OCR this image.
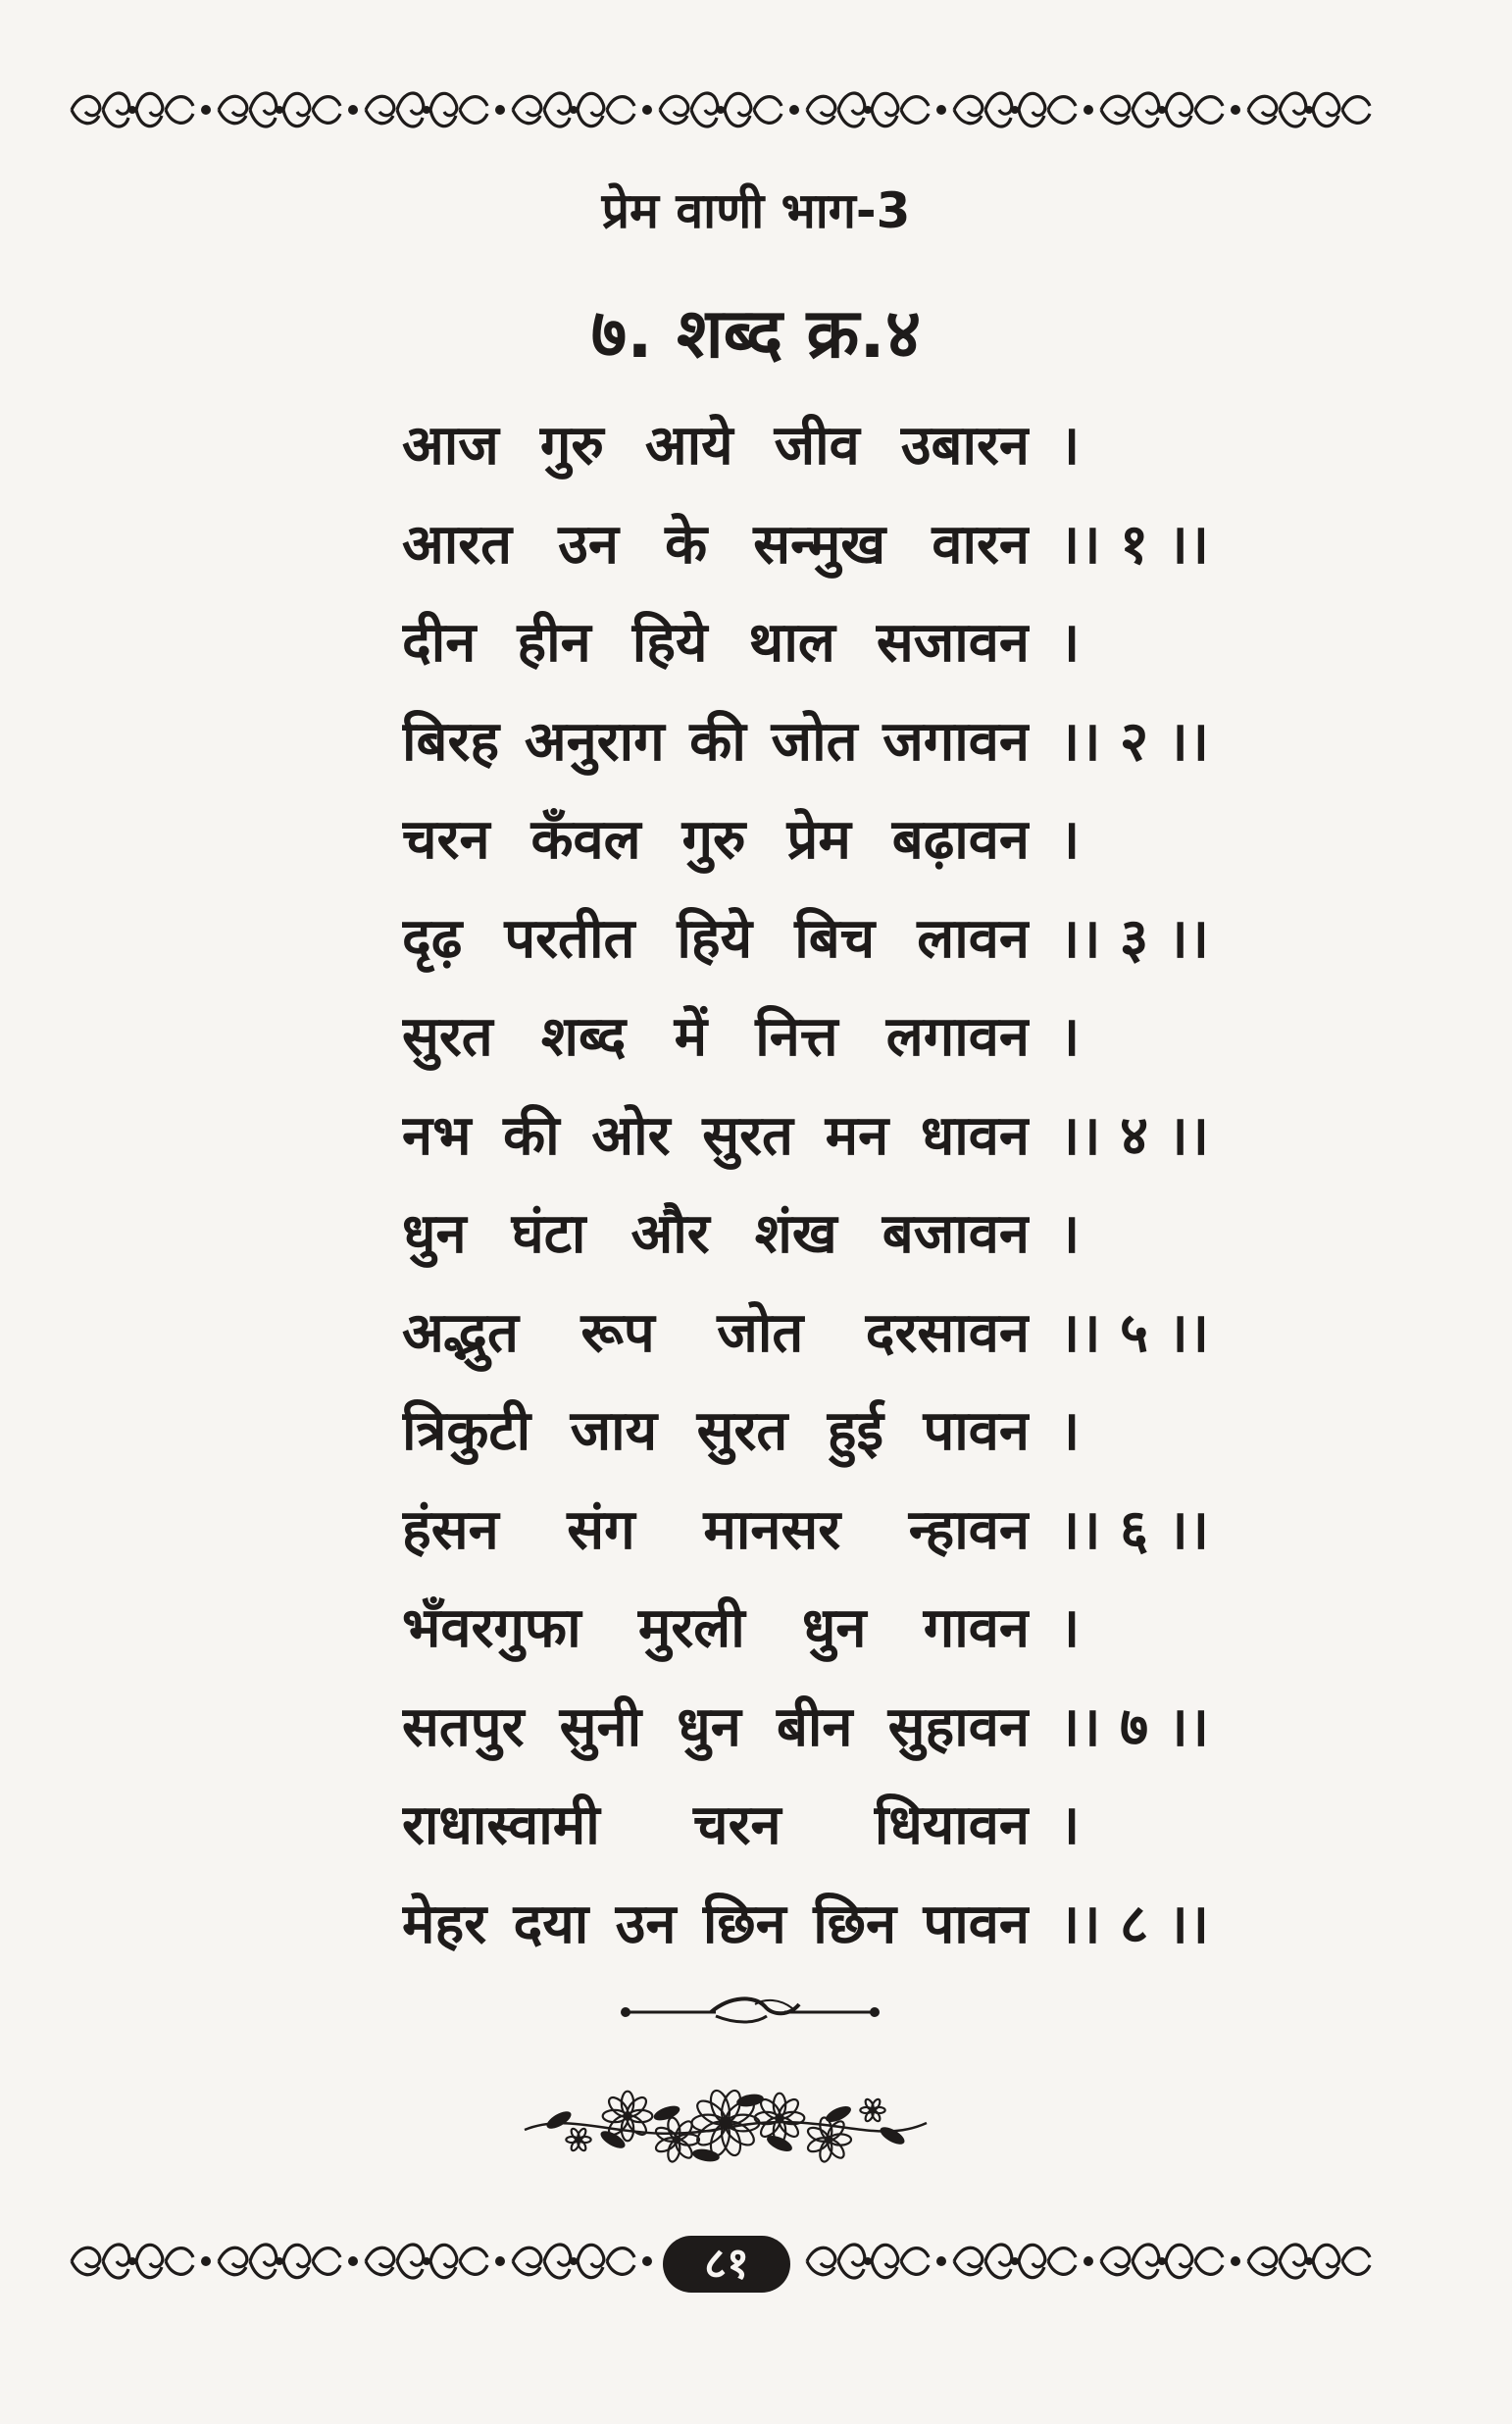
प्रेम वाणी भाग-3
७. शब्द क्र.४
आज गुरु आये जीव उबारन ।
आरत उन के सन्मुख वारन ।। १ ।।
दीन हीन हिये थाल सजावन ।
बिरह अनुराग की जोत जगावन ।। २ ।।
चरन कँवल गुरु प्रेम बढ़ावन ।
दृढ़ परतीत हिये बिच लावन ।। ३ ।।
सुरत शब्द में नित्त लगावन ।
नभ की ओर सुरत मन धावन ।। ४ ।।
धुन घंटा और शंख बजावन ।
अद्भुत रूप जोत दरसावन ।। ५ ।।
त्रिकुटी जाय सुरत हुई पावन ।
हंसन संग मानसर न्हावन ।। ६ ।।
भँवरगुफा मुरली धुन गावन ।
सतपुर सुनी धुन बीन सुहावन ।। ७ ।।
राधास्वामी चरन धियावन ।
मेहर दया उन छिन छिन पावन ।। ८ ।।
८१
